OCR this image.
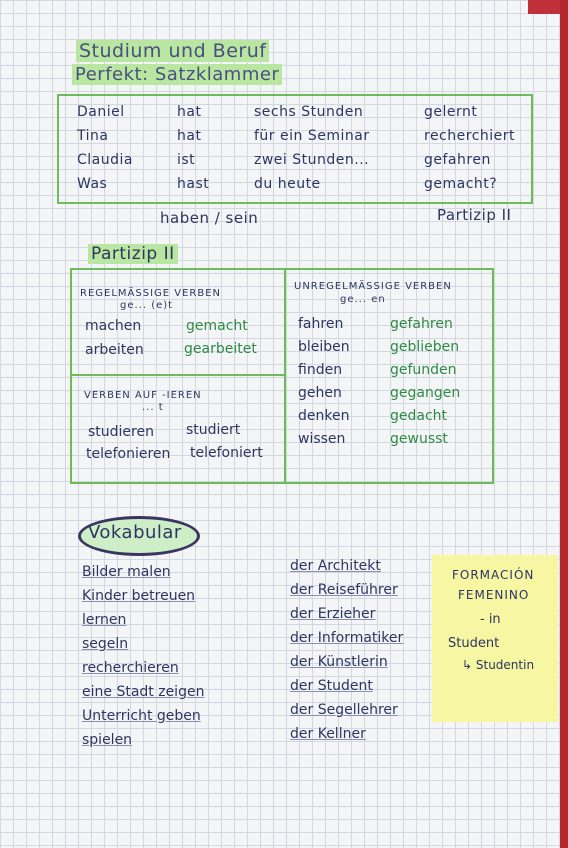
Studium und Beruf
Perfekt: Satzklammer
Daniel	hat	sechs Stunden	gelernt
Tina	hat	für ein Seminar	recherchiert
Claudia	ist	zwei Stunden...	gefahren
Was	hast	du heute	gemacht?
haben / sein	Partizip II
Partizip II
REGELMÄSSIGE VERBEN
ge... (e)t
machen	gemacht
arbeiten	gearbeitet
VERBEN AUF -IEREN
... t
studieren studiert
telefonieren telefoniert
UNREGELMÄSSIGE VERBEN
ge... en
fahren	gefahren
bleiben	geblieben
finden	gefunden
gehen	gegangen
denken	gedacht
wissen	gewusst
Vokabular
Bilder malen
Kinder betreuen
lernen
segeln
recherchieren
eine Stadt zeigen
Unterricht geben
spielen
der Architekt
der Reiseführer
der Erzieher
der Informatiker
der Künstlerin
der Student
der Segellehrer
der Kellner
FORMACIÓN
FEMENINO
- in
Student
↳ Studentin
